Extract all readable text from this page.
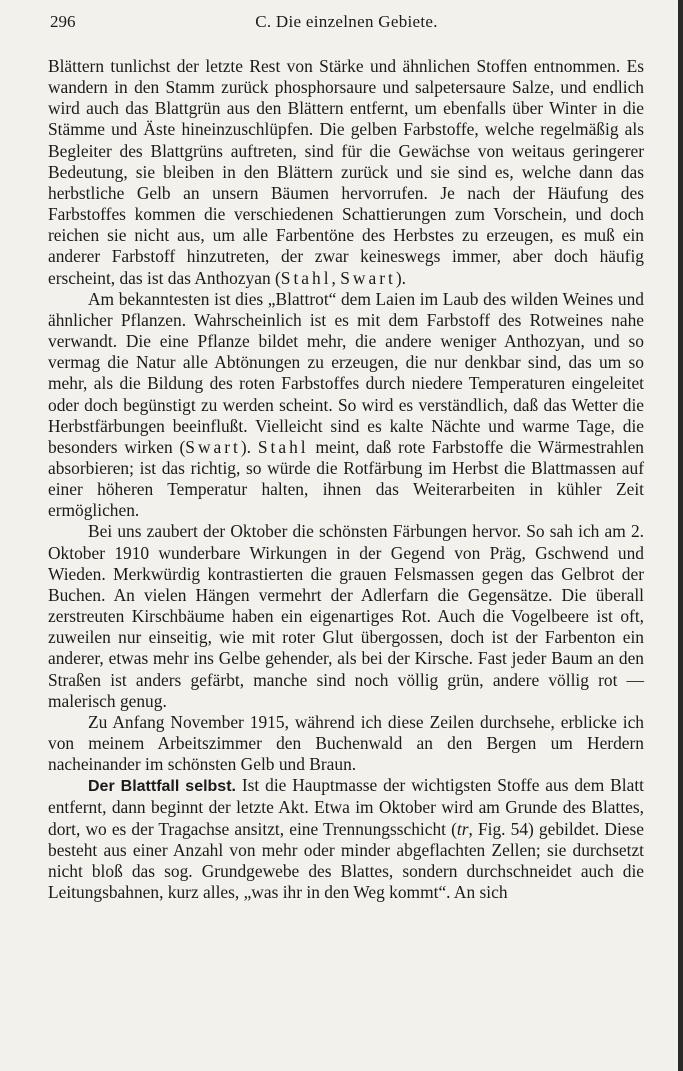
296	C. Die einzelnen Gebiete.

Blättern tunlichst der letzte Rest von Stärke und ähnlichen Stoffen entnommen. Es wandern in den Stamm zurück phosphorsaure und salpetersaure Salze, und endlich wird auch das Blattgrün aus den Blättern entfernt, um ebenfalls über Winter in die Stämme und Äste hineinzuschlüpfen. Die gelben Farbstoffe, welche regelmäßig als Begleiter des Blattgrüns auftreten, sind für die Gewächse von weitaus geringerer Bedeutung, sie bleiben in den Blättern zurück und sie sind es, welche dann das herbstliche Gelb an unsern Bäumen hervorrufen. Je nach der Häufung des Farbstoffes kommen die verschiedenen Schattierungen zum Vorschein, und doch reichen sie nicht aus, um alle Farbentöne des Herbstes zu erzeugen, es muß ein anderer Farbstoff hinzutreten, der zwar keineswegs immer, aber doch häufig erscheint, das ist das Anthozyan (Stahl, Swart).

Am bekanntesten ist dies „Blattrot“ dem Laien im Laub des wilden Weines und ähnlicher Pflanzen. Wahrscheinlich ist es mit dem Farbstoff des Rotweines nahe verwandt. Die eine Pflanze bildet mehr, die andere weniger Anthozyan, und so vermag die Natur alle Abtönungen zu erzeugen, die nur denkbar sind, das um so mehr, als die Bildung des roten Farbstoffes durch niedere Temperaturen eingeleitet oder doch begünstigt zu werden scheint. So wird es verständlich, daß das Wetter die Herbstfärbungen beeinflußt. Vielleicht sind es kalte Nächte und warme Tage, die besonders wirken (Swart). Stahl meint, daß rote Farbstoffe die Wärmestrahlen absorbieren; ist das richtig, so würde die Rotfärbung im Herbst die Blattmassen auf einer höheren Temperatur halten, ihnen das Weiterarbeiten in kühler Zeit ermöglichen.

Bei uns zaubert der Oktober die schönsten Färbungen hervor. So sah ich am 2. Oktober 1910 wunderbare Wirkungen in der Gegend von Präg, Gschwend und Wieden. Merkwürdig kontrastierten die grauen Felsmassen gegen das Gelbrot der Buchen. An vielen Hängen vermehrt der Adlerfarn die Gegensätze. Die überall zerstreuten Kirschbäume haben ein eigenartiges Rot. Auch die Vogelbeere ist oft, zuweilen nur einseitig, wie mit roter Glut übergossen, doch ist der Farbenton ein anderer, etwas mehr ins Gelbe gehender, als bei der Kirsche. Fast jeder Baum an den Straßen ist anders gefärbt, manche sind noch völlig grün, andere völlig rot — malerisch genug.

Zu Anfang November 1915, während ich diese Zeilen durchsehe, erblicke ich von meinem Arbeitszimmer den Buchenwald an den Bergen um Herdern nacheinander im schönsten Gelb und Braun.

Der Blattfall selbst. Ist die Hauptmasse der wichtigsten Stoffe aus dem Blatt entfernt, dann beginnt der letzte Akt. Etwa im Oktober wird am Grunde des Blattes, dort, wo es der Tragachse ansitzt, eine Trennungsschicht (tr, Fig. 54) gebildet. Diese besteht aus einer Anzahl von mehr oder minder abgeflachten Zellen; sie durchsetzt nicht bloß das sog. Grundgewebe des Blattes, sondern durchschneidet auch die Leitungsbahnen, kurz alles, „was ihr in den Weg kommt“. An sich
